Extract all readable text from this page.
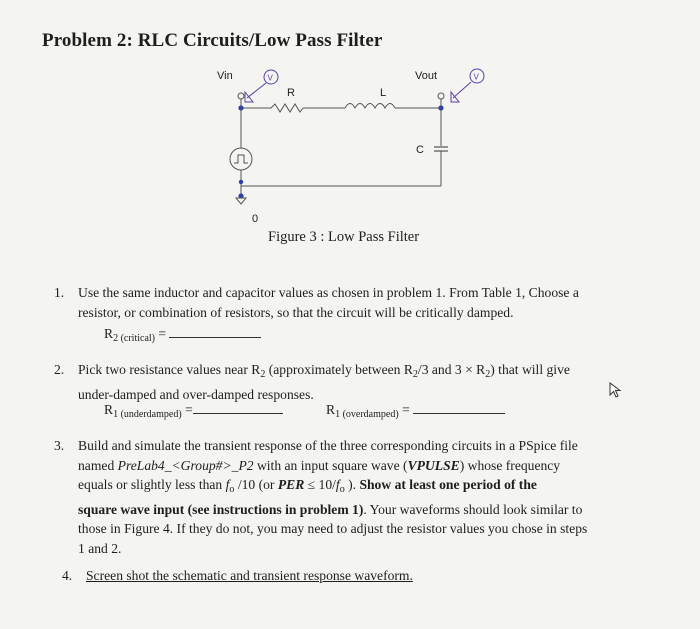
Problem 2: RLC Circuits/Low Pass Filter
Vin	Vout
R	L
C
0
V	V
Figure 3 : Low Pass Filter
1. Use the same inductor and capacitor values as chosen in problem 1. From Table 1, Choose a
resistor, or combination of resistors, so that the circuit will be critically damped.
$R_{2 (critical)}$ =
2. Pick two resistance values near $R_2$ (approximately between $R_2/3$ and $3 \times R_2$) that will give
under-damped and over-damped responses.
$R_{1 (underdamped)}$ =	$R_{1 (overdamped)}$ =
3. Build and simulate the transient response of the three corresponding circuits in a PSpice file
named PreLab4_<Group#>_P2 with an input square wave (VPULSE) whose frequency
equals or slightly less than $f_o$ /10 (or PER ≤ $10/f_o$ ). Show at least one period of the
square wave input (see instructions in problem 1). Your waveforms should look similar to
those in Figure 4. If they do not, you may need to adjust the resistor values you chose in steps
1 and 2.
4. Screen shot the schematic and transient response waveform.
